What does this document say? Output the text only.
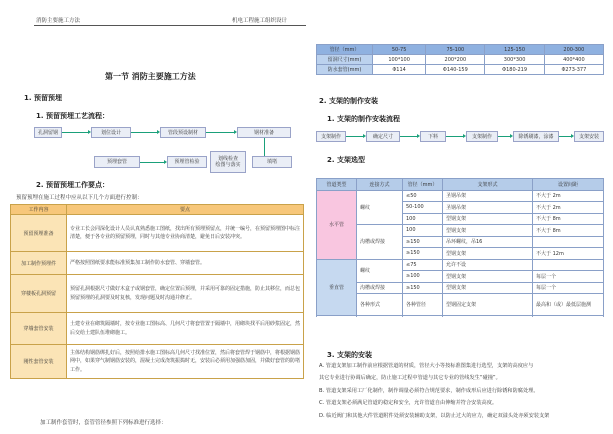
消防主要施工方法	机电工程施工组织设计
第一节 消防主要施工方法
1. 预留预埋
1. 预留预埋工艺流程：
孔洞留钢	划位设计	管段预设制材	钢材准备
预埋套管	预埋管检验	划线检查
绘图与落实	填堵
2. 预留预埋工作要点：
预留预埋在施工过程中应从以下几个方面进行控制：
工作内容	要点
预留预埋准备	专业工长会同深化设计人员认真熟悉施工图纸，找出所有预埋预留点，并统一编号，在预留预埋图中标注清楚，便于各专业的预留预埋，同时与其他专业协商清楚，避免日后安装冲突。
加工制作预埋件	严格按照图纸要求能标准预集加工制作防水套管、穿墙套管。
穿楼板孔洞预留	预留孔洞根据尺寸做好木盒子或钢套管，确定位置后预埋，并采用可靠的固定措施，防止其移位，而总包预留预埋的孔洞要及时复核，发现问题及时沟通并修正。
穿墙套管安装	土建专业在砌筑隔墙时，按专业施工图标高、几何尺寸将套管置于隔墙中，用砌块找平后用砂浆固定，然后交给土建队伍堆砌施工。
刚性套管安装	主体结构钢筋绑扎好后，按照给排水施工图标高几何尺寸找准位置，然后将套管焊于钢筋中，将根据钢筋网中，如果穿气制钢筋安装的，混凝土完成浇筑振捣时无，安装后必须用加强筋加固，并做好套管的防堵工作。
加工制作套管时，套管管径参照下列标准进行选择：
管径（mm）	50-75	75-100	125-150	200-300
留洞尺寸(mm)	100*100	200*200	300*300	400*400
防水套管(mm)	Φ114	Φ140-159	Φ180-219	Φ273-377
2. 支架的制作安装
1. 支架的制作安装流程
支架制作	确定尺寸	下料	支架制作	除锈刷漆，涂漆	支架安装
2. 支架选型
管道类型	连接方式	管径（mm）	支架形式	设置间距
水平管	螺纹	≤50	圣钢吊架	不大于 2m
		50-100	圣钢吊架	不大于 2m
		100	型钢支架	不大于 8m
	沟槽或焊接	100	型钢支架	不大于 8m
		≥150	吊环螺纹，吊16	
		≥150	型钢支架	不大于 12m
垂直管	螺纹	≤75	允许不设	
		≥100	型钢支架	每层一个
	沟槽或焊接	≥150	型钢支架	每层一个
	各种形式	各种管径	型钢固定支架	最高和（或）最低层施测

3. 支架的安装
A. 管道支架加工制作前应根据管道的材质，管径大小等按标准图集进行选型，支架的高度应与
其它专业进行协调后确定，防止施工过程中管道与其它专业的管线发生“碰撞”。
B. 管道支架采用工厂化制作，制作调量必须符合规范要求，制作成形后应进行除锈和防腐处理。
C. 管道支架必须满足管道的稳定和安全，允许管道自由伸缩并符合安装高度。
D. 临近阀门和其他大件管道附件处须安装辅助支架，以防止过大的应力，确定双溢头处亦须安装支架
